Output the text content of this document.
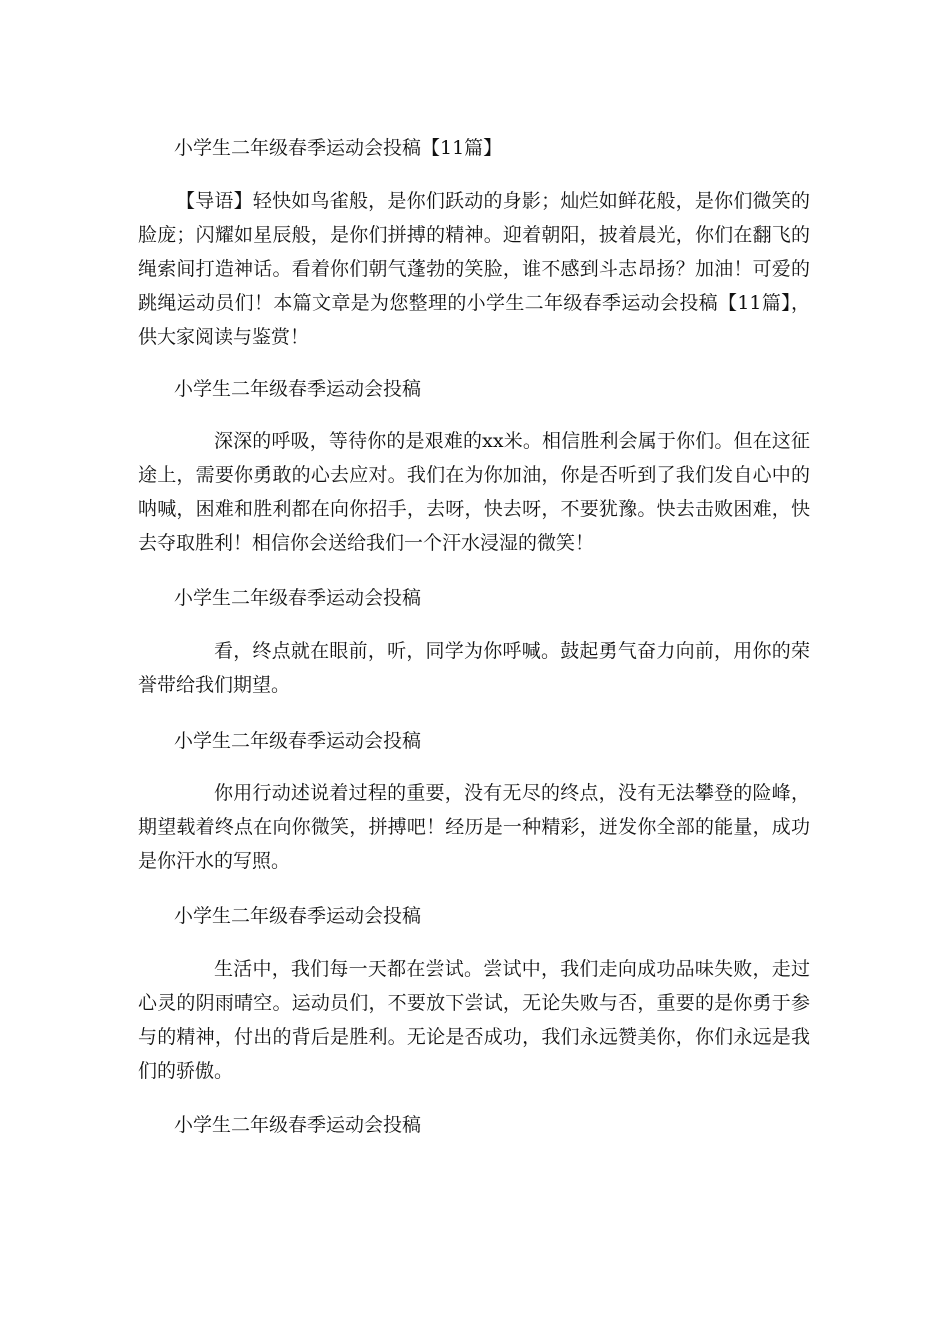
小学生二年级春季运动会投稿【11篇】

【导语】轻快如鸟雀般，是你们跃动的身影；灿烂如鲜花般，是你们微笑的脸庞；闪耀如星辰般，是你们拼搏的精神。迎着朝阳，披着晨光，你们在翻飞的绳索间打造神话。看着你们朝气蓬勃的笑脸，谁不感到斗志昂扬？加油！可爱的跳绳运动员们！本篇文章是为您整理的小学生二年级春季运动会投稿【11篇】，供大家阅读与鉴赏！

小学生二年级春季运动会投稿

深深的呼吸，等待你的是艰难的xx米。相信胜利会属于你们。但在这征途上，需要你勇敢的心去应对。我们在为你加油，你是否听到了我们发自心中的呐喊，困难和胜利都在向你招手，去呀，快去呀，不要犹豫。快去击败困难，快去夺取胜利！相信你会送给我们一个汗水浸湿的微笑！

小学生二年级春季运动会投稿

看，终点就在眼前，听，同学为你呼喊。鼓起勇气奋力向前，用你的荣誉带给我们期望。

小学生二年级春季运动会投稿

你用行动述说着过程的重要，没有无尽的终点，没有无法攀登的险峰，期望载着终点在向你微笑，拼搏吧！经历是一种精彩，迸发你全部的能量，成功是你汗水的写照。

小学生二年级春季运动会投稿

生活中，我们每一天都在尝试。尝试中，我们走向成功品味失败，走过心灵的阴雨晴空。运动员们，不要放下尝试，无论失败与否，重要的是你勇于参与的精神，付出的背后是胜利。无论是否成功，我们永远赞美你，你们永远是我们的骄傲。

小学生二年级春季运动会投稿
